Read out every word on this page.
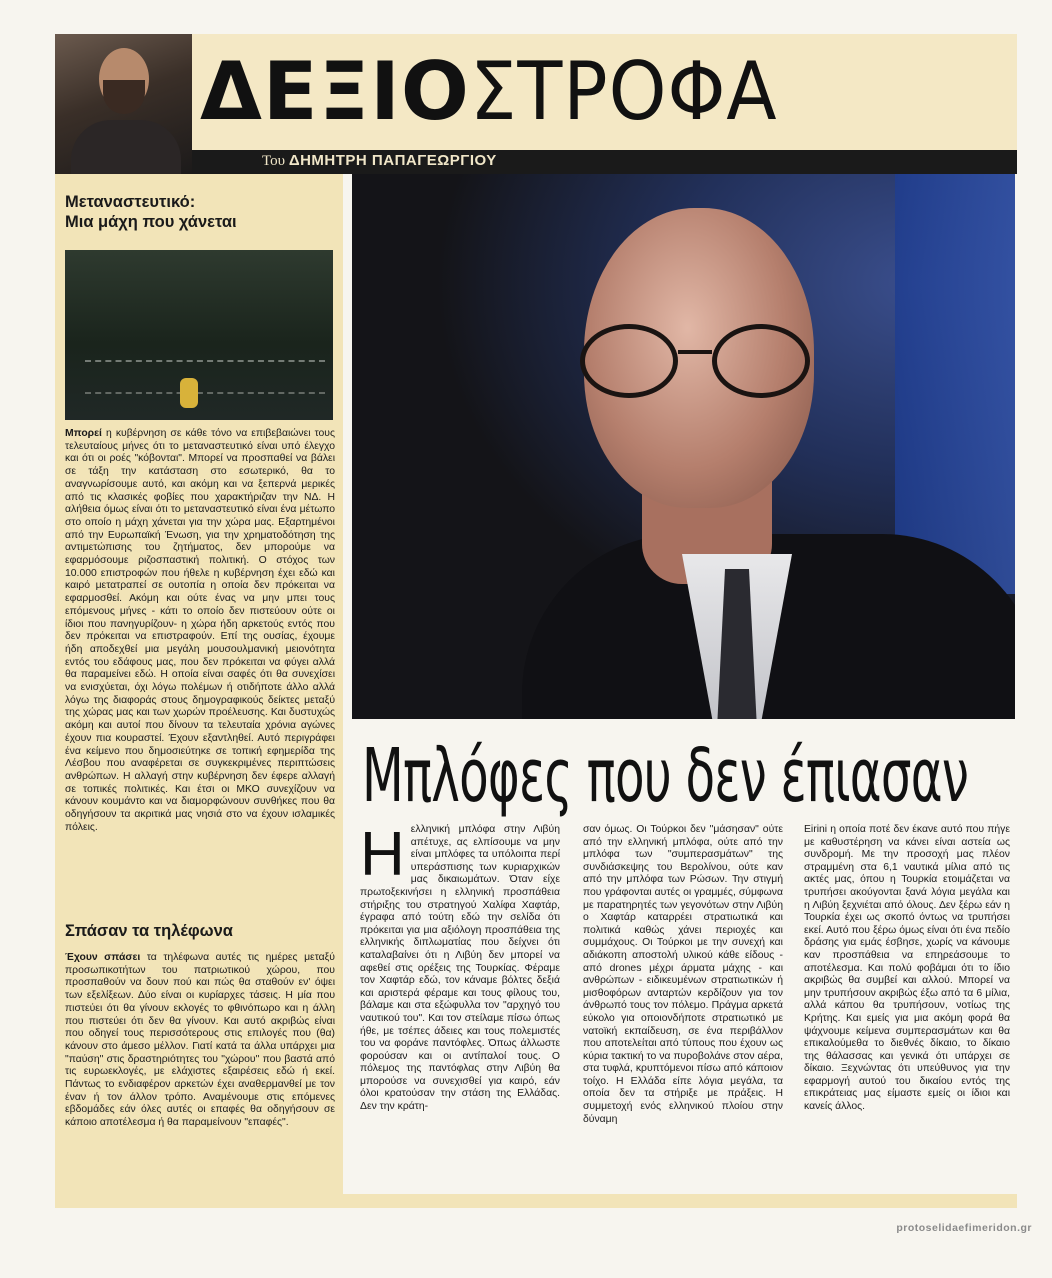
ΔΕΞΙΟΣΤΡΟΦΑ
Του ΔΗΜΗΤΡΗ ΠΑΠΑΓΕΩΡΓΙΟΥ
Μεταναστευτικό:
Μια μάχη που χάνεται
Μπορεί η κυβέρνηση σε κάθε τόνο να επιβεβαιώνει τους τελευταίους μήνες ότι το μεταναστευτικό είναι υπό έλεγχο και ότι οι ροές "κόβονται". Μπορεί να προσπαθεί να βάλει σε τάξη την κατάσταση στο εσωτερικό, θα το αναγνωρίσουμε αυτό, και ακόμη και να ξεπερνά μερικές από τις κλασικές φοβίες που χαρακτήριζαν την ΝΔ. Η αλήθεια όμως είναι ότι το μεταναστευτικό είναι ένα μέτωπο στο οποίο η μάχη χάνεται για την χώρα μας. Εξαρτημένοι από την Ευρωπαϊκή Ένωση, για την χρηματοδότηση της αντιμετώπισης του ζητήματος, δεν μπορούμε να εφαρμόσουμε ριζοσπαστική πολιτική. Ο στόχος των 10.000 επιστροφών που ήθελε η κυβέρνηση έχει εδώ και καιρό μετατραπεί σε ουτοπία η οποία δεν πρόκειται να εφαρμοσθεί. Ακόμη και ούτε ένας να μην μπει τους επόμενους μήνες - κάτι το οποίο δεν πιστεύουν ούτε οι ίδιοι που πανηγυρίζουν- η χώρα ήδη αρκετούς εντός που δεν πρόκειται να επιστραφούν. Επί της ουσίας, έχουμε ήδη αποδεχθεί μια μεγάλη μουσουλμανική μειονότητα εντός του εδάφους μας, που δεν πρόκειται να φύγει αλλά θα παραμείνει εδώ. Η οποία είναι σαφές ότι θα συνεχίσει να ενισχύεται, όχι λόγω πολέμων ή οτιδήποτε άλλο αλλά λόγω της διαφοράς στους δημογραφικούς δείκτες μεταξύ της χώρας μας και των χωρών προέλευσης. Και δυστυχώς ακόμη και αυτοί που δίνουν τα τελευταία χρόνια αγώνες έχουν πια κουραστεί. Έχουν εξαντληθεί. Αυτό περιγράφει ένα κείμενο που δημοσιεύτηκε σε τοπική εφημερίδα της Λέσβου που αναφέρεται σε συγκεκριμένες περιπτώσεις ανθρώπων. Η αλλαγή στην κυβέρνηση δεν έφερε αλλαγή σε τοπικές πολιτικές. Και έτσι οι ΜΚΟ συνεχίζουν να κάνουν κουμάντο και να διαμορφώνουν συνθήκες που θα οδηγήσουν τα ακριτικά μας νησιά στο να έχουν ισλαμικές πόλεις.
Σπάσαν τα τηλέφωνα
Έχουν σπάσει τα τηλέφωνα αυτές τις ημέρες μεταξύ προσωπικοτήτων του πατριωτικού χώρου, που προσπαθούν να δουν πού και πώς θα σταθούν εν' όψει των εξελίξεων. Δύο είναι οι κυρίαρχες τάσεις. Η μία που πιστεύει ότι θα γίνουν εκλογές το φθινόπωρο και η άλλη που πιστεύει ότι δεν θα γίνουν. Και αυτό ακριβώς είναι που οδηγεί τους περισσότερους στις επιλογές που (θα) κάνουν στο άμεσο μέλλον. Γιατί κατά τα άλλα υπάρχει μια "παύση" στις δραστηριότητες του "χώρου" που βαστά από τις ευρωεκλογές, με ελάχιστες εξαιρέσεις εδώ ή εκεί. Πάντως το ενδιαφέρον αρκετών έχει αναθερμανθεί με τον έναν ή τον άλλον τρόπο. Αναμένουμε στις επόμενες εβδομάδες εάν όλες αυτές οι επαφές θα οδηγήσουν σε κάποιο αποτέλεσμα ή θα παραμείνουν "επαφές".
Μπλόφες που δεν έπιασαν
Ηελληνική μπλόφα στην Λιβύη απέτυχε, ας ελπίσουμε να μην είναι μπλόφες τα υπόλοιπα περί υπεράσπισης των κυριαρχικών μας δικαιωμάτων. Όταν είχε πρωτοξεκινήσει η ελληνική προσπάθεια στήριξης του στρατηγού Χαλίφα Χαφτάρ, έγραφα από τούτη εδώ την σελίδα ότι πρόκειται για μια αξιόλογη προσπάθεια της ελληνικής διπλωματίας που δείχνει ότι καταλαβαίνει ότι η Λιβύη δεν μπορεί να αφεθεί στις ορέξεις της Τουρκίας. Φέραμε τον Χαφτάρ εδώ, τον κάναμε βόλτες δεξιά και αριστερά φέραμε και τους φίλους του, βάλαμε και στα εξώφυλλα τον "αρχηγό του ναυτικού του". Και τον στείλαμε πίσω όπως ήθε, με τσέπες άδειες και τους πολεμιστές του να φοράνε παντόφλες. Όπως άλλωστε φορούσαν και οι αντίπαλοί τους. Ο πόλεμος της παντόφλας στην Λιβύη θα μπορούσε να συνεχισθεί για καιρό, εάν όλοι κρατούσαν την στάση της Ελλάδας. Δεν την κράτη-
σαν όμως. Οι Τούρκοι δεν "μάσησαν" ούτε από την ελληνική μπλόφα, ούτε από την μπλόφα των "συμπερασμάτων" της συνδιάσκεψης του Βερολίνου, ούτε καν από την μπλόφα των Ρώσων. Την στιγμή που γράφονται αυτές οι γραμμές, σύμφωνα με παρατηρητές των γεγονότων στην Λιβύη ο Χαφτάρ καταρρέει στρατιωτικά και πολιτικά καθώς χάνει περιοχές και συμμάχους. Οι Τούρκοι με την συνεχή και αδιάκοπη αποστολή υλικού κάθε είδους - από drones μέχρι άρματα μάχης - και ανθρώπων - ειδικευμένων στρατιωτικών ή μισθοφόρων ανταρτών κερδίζουν για τον άνθρωπό τους τον πόλεμο. Πράγμα αρκετά εύκολο για οποιονδήποτε στρατιωτικό με νατοϊκή εκπαίδευση, σε ένα περιβάλλον που αποτελείται από τύπους που έχουν ως κύρια τακτική το να πυροβολάνε στον αέρα, στα τυφλά, κρυπτόμενοι πίσω από κάποιον τοίχο. Η Ελλάδα είπε λόγια μεγάλα, τα οποία δεν τα στήριξε με πράξεις. Η συμμετοχή ενός ελληνικού πλοίου στην δύναμη
Eirini η οποία ποτέ δεν έκανε αυτό που πήγε με καθυστέρηση να κάνει είναι αστεία ως συνδρομή. Με την προσοχή μας πλέον στραμμένη στα 6,1 ναυτικά μίλια από τις ακτές μας, όπου η Τουρκία ετοιμάζεται να τρυπήσει ακούγονται ξανά λόγια μεγάλα και η Λιβύη ξεχνιέται από όλους. Δεν ξέρω εάν η Τουρκία έχει ως σκοπό όντως να τρυπήσει εκεί. Αυτό που ξέρω όμως είναι ότι ένα πεδίο δράσης για εμάς έσβησε, χωρίς να κάνουμε καν προσπάθεια να επηρεάσουμε το αποτέλεσμα. Και πολύ φοβάμαι ότι το ίδιο ακριβώς θα συμβεί και αλλού. Μπορεί να μην τρυπήσουν ακριβώς έξω από τα 6 μίλια, αλλά κάπου θα τρυπήσουν, νοτίως της Κρήτης. Και εμείς για μια ακόμη φορά θα ψάχνουμε κείμενα συμπερασμάτων και θα επικαλούμεθα το διεθνές δίκαιο, το δίκαιο της θάλασσας και γενικά ότι υπάρχει σε δίκαιο. Ξεχνώντας ότι υπεύθυνος για την εφαρμογή αυτού του δικαίου εντός της επικράτειας μας είμαστε εμείς οι ίδιοι και κανείς άλλος.
protoselidaefimeridon.gr
